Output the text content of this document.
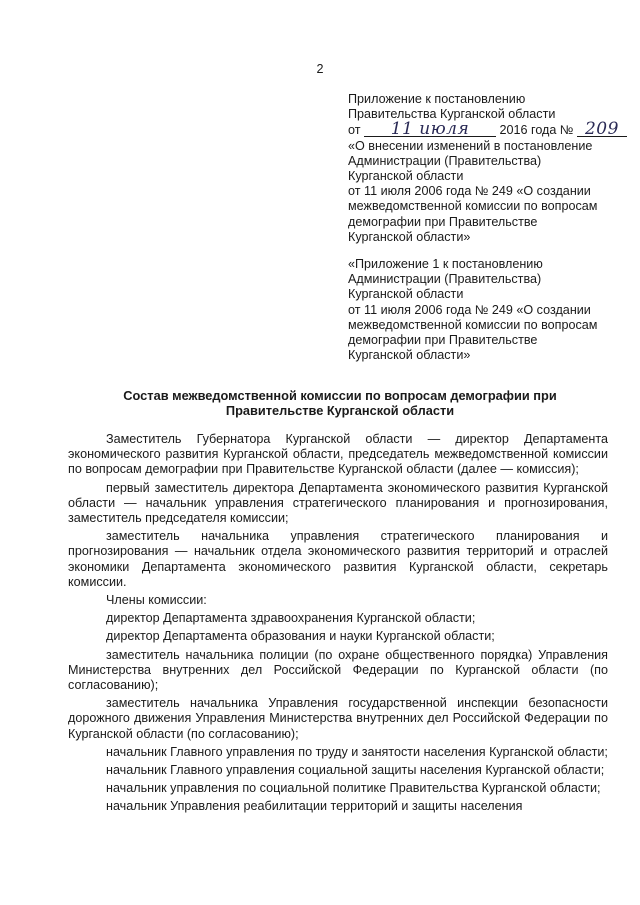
2
Приложение к постановлению
Правительства Курганской области
от 11 июля 2016 года № 209
«О внесении изменений в постановление
Администрации (Правительства)
Курганской области
от 11 июля 2006 года № 249 «О создании
межведомственной комиссии по вопросам
демографии при Правительстве
Курганской области»
«Приложение 1 к постановлению
Администрации (Правительства)
Курганской области
от 11 июля 2006 года № 249 «О создании
межведомственной комиссии по вопросам
демографии при Правительстве
Курганской области»
Состав межведомственной комиссии по вопросам демографии при
Правительстве Курганской области

Заместитель Губернатора Курганской области — директор Департамента экономического развития Курганской области, председатель межведомственной комиссии по вопросам демографии при Правительстве Курганской области (далее — комиссия);

первый заместитель директора Департамента экономического развития Курганской области — начальник управления стратегического планирования и прогнозирования, заместитель председателя комиссии;

заместитель начальника управления стратегического планирования и прогнозирования — начальник отдела экономического развития территорий и отраслей экономики Департамента экономического развития Курганской области, секретарь комиссии.

Члены комиссии:

директор Департамента здравоохранения Курганской области;

директор Департамента образования и науки Курганской области;

заместитель начальника полиции (по охране общественного порядка) Управления Министерства внутренних дел Российской Федерации по Курганской области (по согласованию);

заместитель начальника Управления государственной инспекции безопасности дорожного движения Управления Министерства внутренних дел Российской Федерации по Курганской области (по согласованию);

начальник Главного управления по труду и занятости населения Курганской области;

начальник Главного управления социальной защиты населения Курганской области;

начальник управления по социальной политике Правительства Курганской области;

начальник Управления реабилитации территорий и защиты населения
